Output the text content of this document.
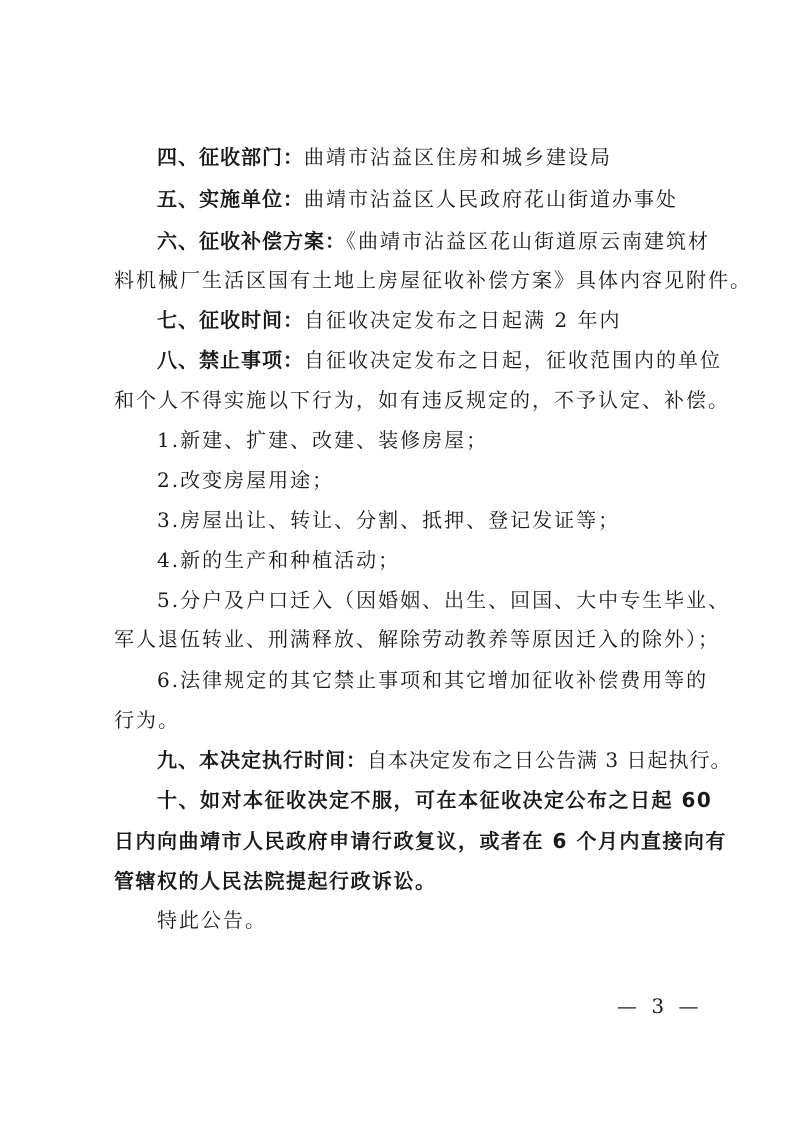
四、征收部门：曲靖市沾益区住房和城乡建设局
五、实施单位：曲靖市沾益区人民政府花山街道办事处
六、征收补偿方案：《曲靖市沾益区花山街道原云南建筑材
料机械厂生活区国有土地上房屋征收补偿方案》具体内容见附件。
七、征收时间：自征收决定发布之日起满 2 年内
八、禁止事项：自征收决定发布之日起，征收范围内的单位
和个人不得实施以下行为，如有违反规定的，不予认定、补偿。
1.新建、扩建、改建、装修房屋；
2.改变房屋用途；
3.房屋出让、转让、分割、抵押、登记发证等；
4.新的生产和种植活动；
5.分户及户口迁入（因婚姻、出生、回国、大中专生毕业、
军人退伍转业、刑满释放、解除劳动教养等原因迁入的除外）；
6.法律规定的其它禁止事项和其它增加征收补偿费用等的
行为。
九、本决定执行时间：自本决定发布之日公告满 3 日起执行。
十、如对本征收决定不服，可在本征收决定公布之日起 60
日内向曲靖市人民政府申请行政复议，或者在 6 个月内直接向有
管辖权的人民法院提起行政诉讼。
特此公告。
— 3 —
